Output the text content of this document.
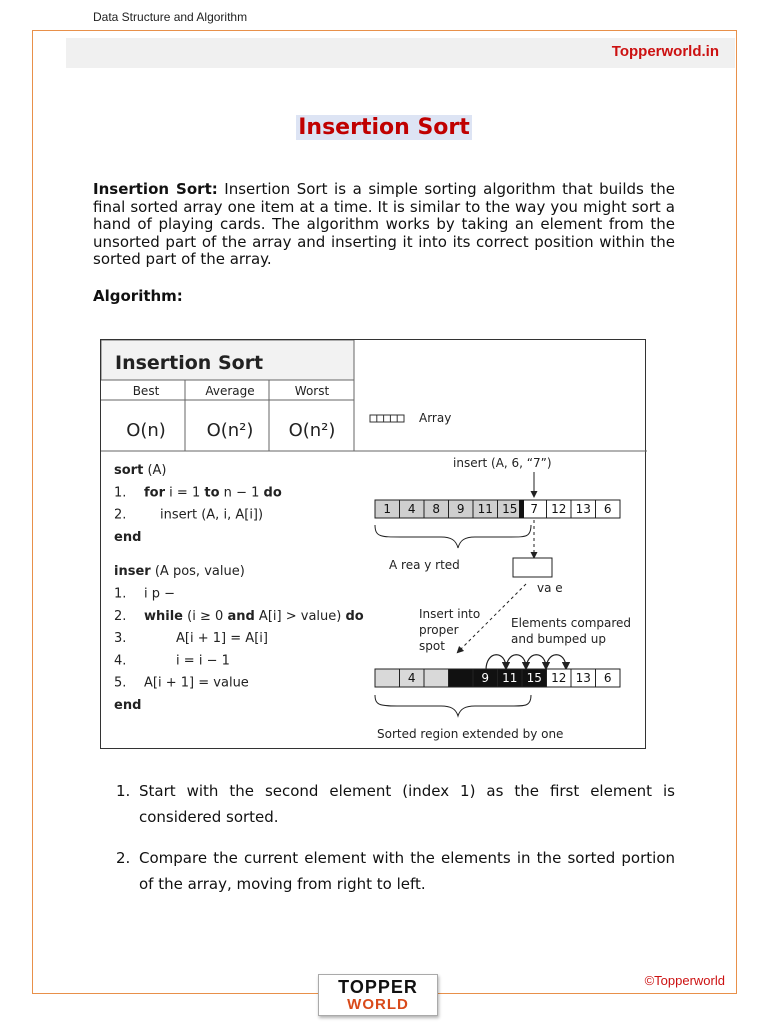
Data Structure and Algorithm
Topperworld.in
Insertion Sort

Insertion Sort: Insertion Sort is a simple sorting algorithm that builds the final sorted array one item at a time. It is similar to the way you might sort a hand of playing cards. The algorithm works by taking an element from the unsorted part of the array and inserting it into its correct position within the sorted part of the array.

Algorithm:
Insertion Sort
Best	Average	Worst
O(n) O(n²) O(n²)
Array
sort (A)
1. for i = 1 to n − 1 do
2.	insert (A, i, A[i])
end
inser (A pos, value)
1. i p −
2. while (i ≥ 0 and A[i] > value) do
3.	A[i + 1] = A[i]
4.	i = i − 1
5. A[i + 1] = value
end
insert (A, 6, “7”)
1 4 8 9 11 15 7 12 13 6
A rea y rted
va e
Insert into
proper
spot
Elements compared
and bumped up
4	9 11 15 12 13 6
Sorted region extended by one
1. Start with the second element (index 1) as the first element is considered sorted.
2. Compare the current element with the elements in the sorted portion of the array, moving from right to left.
TOPPER
WORLD
©Topperworld
